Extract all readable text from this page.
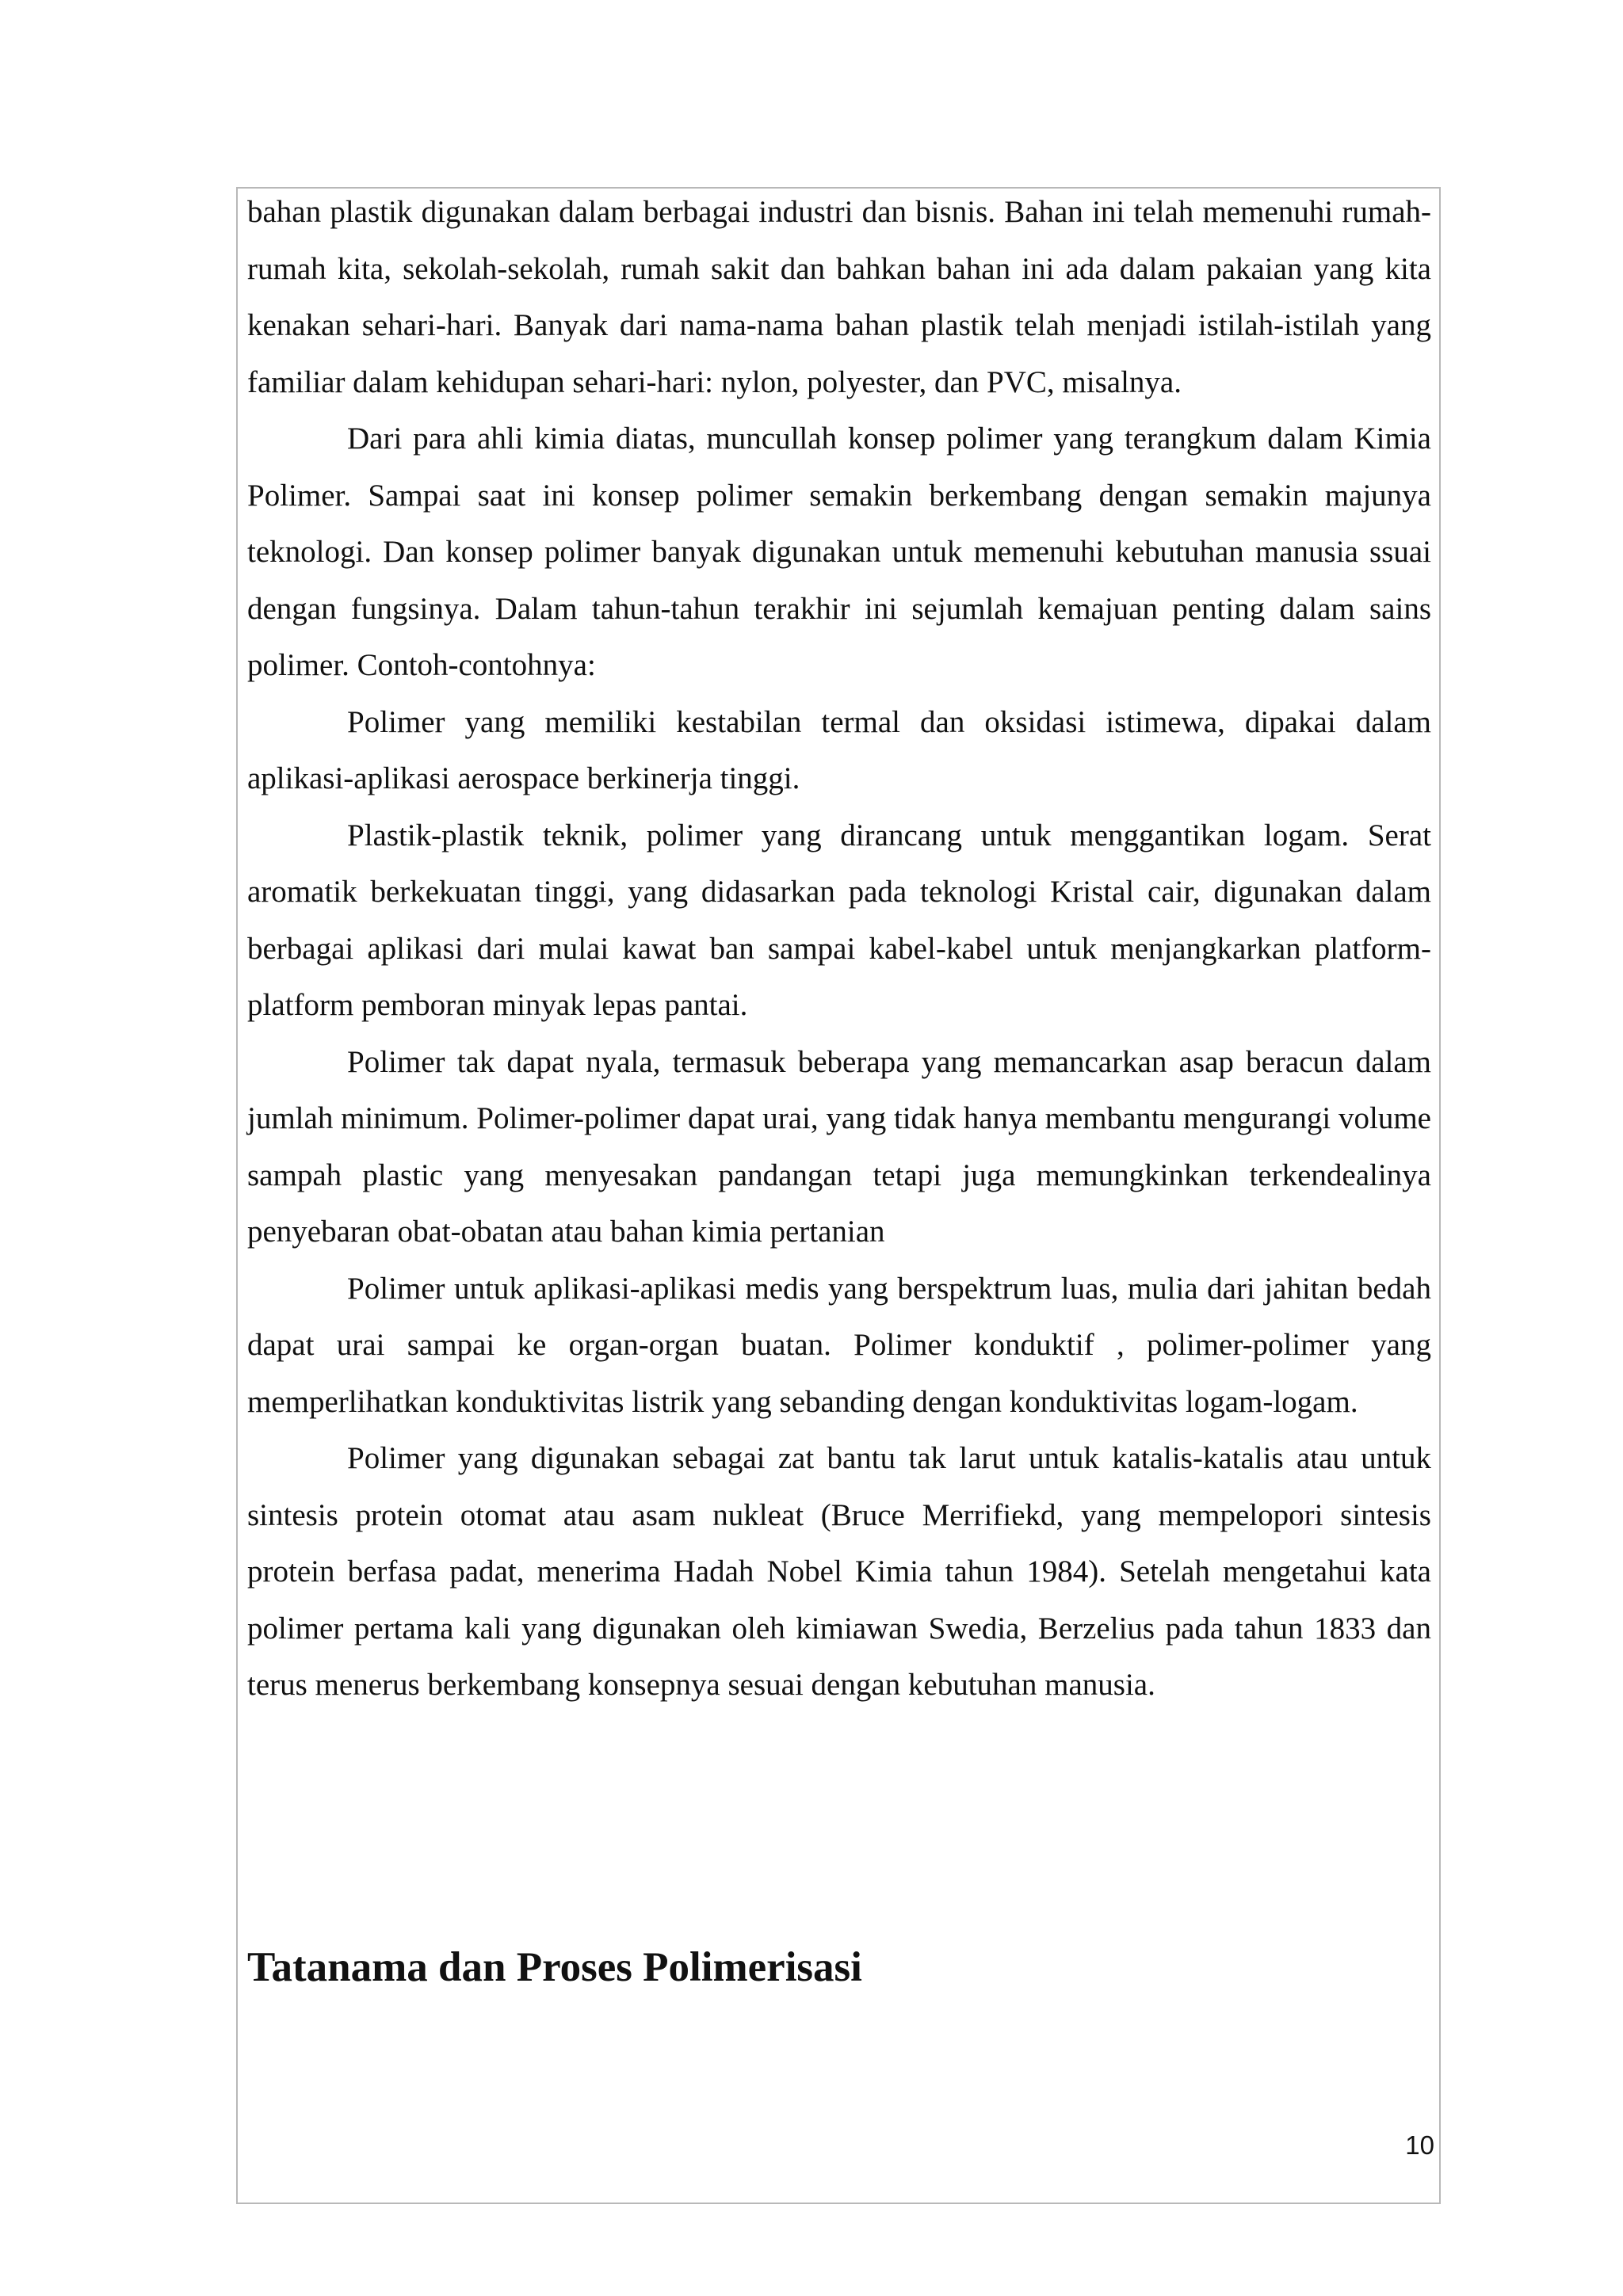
bahan plastik digunakan dalam berbagai industri dan bisnis. Bahan ini telah memenuhi rumah-rumah kita, sekolah-sekolah, rumah sakit dan bahkan bahan ini ada dalam pakaian yang kita kenakan sehari-hari. Banyak dari nama-nama bahan plastik telah menjadi istilah-istilah yang familiar dalam kehidupan sehari-hari: nylon, polyester, dan PVC, misalnya.

Dari para ahli kimia diatas, muncullah konsep polimer yang terangkum dalam Kimia Polimer. Sampai saat ini konsep polimer semakin berkembang dengan semakin majunya teknologi. Dan konsep polimer banyak digunakan untuk memenuhi kebutuhan manusia ssuai dengan fungsinya. Dalam tahun-tahun terakhir ini sejumlah kemajuan penting dalam sains polimer. Contoh-contohnya:

Polimer yang memiliki kestabilan termal dan oksidasi istimewa, dipakai dalam aplikasi-aplikasi aerospace berkinerja tinggi.

Plastik-plastik teknik, polimer yang dirancang untuk menggantikan logam. Serat aromatik berkekuatan tinggi, yang didasarkan pada teknologi Kristal cair, digunakan dalam berbagai aplikasi dari mulai kawat ban sampai kabel-kabel untuk menjangkarkan platform-platform pemboran minyak lepas pantai.

Polimer tak dapat nyala, termasuk beberapa yang memancarkan asap beracun dalam jumlah minimum. Polimer-polimer dapat urai, yang tidak hanya membantu mengurangi volume sampah plastic yang menyesakan pandangan tetapi juga memungkinkan terkendealinya penyebaran obat-obatan atau bahan kimia pertanian

Polimer untuk aplikasi-aplikasi medis yang berspektrum luas, mulia dari jahitan bedah dapat urai sampai ke organ-organ buatan. Polimer konduktif , polimer-polimer yang memperlihatkan konduktivitas listrik yang sebanding dengan konduktivitas logam-logam.

Polimer yang digunakan sebagai zat bantu tak larut untuk katalis-katalis atau untuk sintesis protein otomat atau asam nukleat (Bruce Merrifiekd, yang mempelopori sintesis protein berfasa padat, menerima Hadah Nobel Kimia tahun 1984). Setelah mengetahui kata polimer pertama kali yang digunakan oleh kimiawan Swedia, Berzelius pada tahun 1833 dan terus menerus berkembang konsepnya sesuai dengan kebutuhan manusia.

Tatanama dan Proses Polimerisasi
10
